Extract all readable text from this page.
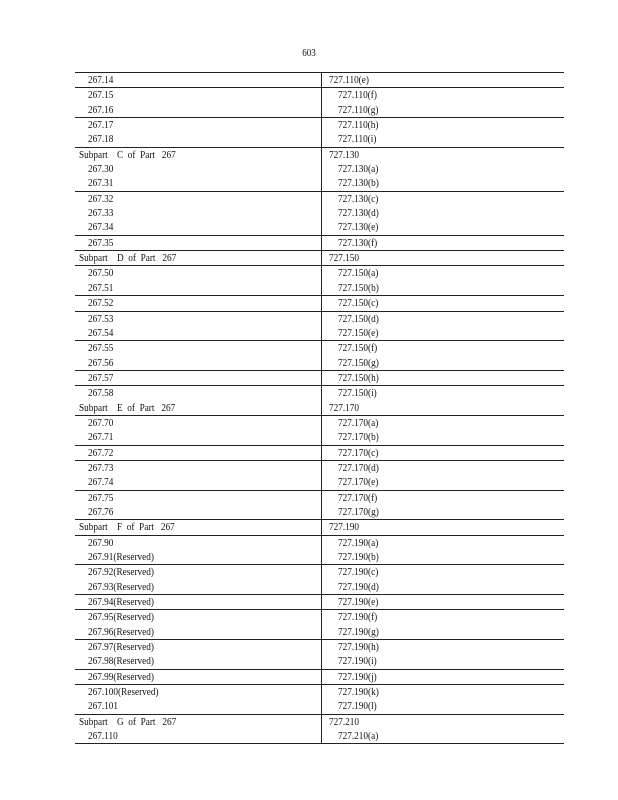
603
267.14	727.110(e)
267.15	727.110(f)
267.16	727.110(g)
267.17	727.110(h)
267.18	727.110(i)
Subpart    C  of  Part   267	727.130
267.30	727.130(a)
267.31	727.130(b)
267.32	727.130(c)
267.33	727.130(d)
267.34	727.130(e)
267.35	727.130(f)
Subpart    D  of  Part   267	727.150
267.50	727.150(a)
267.51	727.150(b)
267.52	727.150(c)
267.53	727.150(d)
267.54	727.150(e)
267.55	727.150(f)
267.56	727.150(g)
267.57	727.150(h)
267.58	727.150(i)
Subpart    E  of  Part   267	727.170
267.70	727.170(a)
267.71	727.170(b)
267.72	727.170(c)
267.73	727.170(d)
267.74	727.170(e)
267.75	727.170(f)
267.76	727.170(g)
Subpart    F  of  Part   267	727.190
267.90	727.190(a)
267.91(Reserved)	727.190(b)
267.92(Reserved)	727.190(c)
267.93(Reserved)	727.190(d)
267.94(Reserved)	727.190(e)
267.95(Reserved)	727.190(f)
267.96(Reserved)	727.190(g)
267.97(Reserved)	727.190(h)
267.98(Reserved)	727.190(i)
267.99(Reserved)	727.190(j)
267.100(Reserved)	727.190(k)
267.101	727.190(l)
Subpart    G  of  Part   267	727.210
267.110	727.210(a)
